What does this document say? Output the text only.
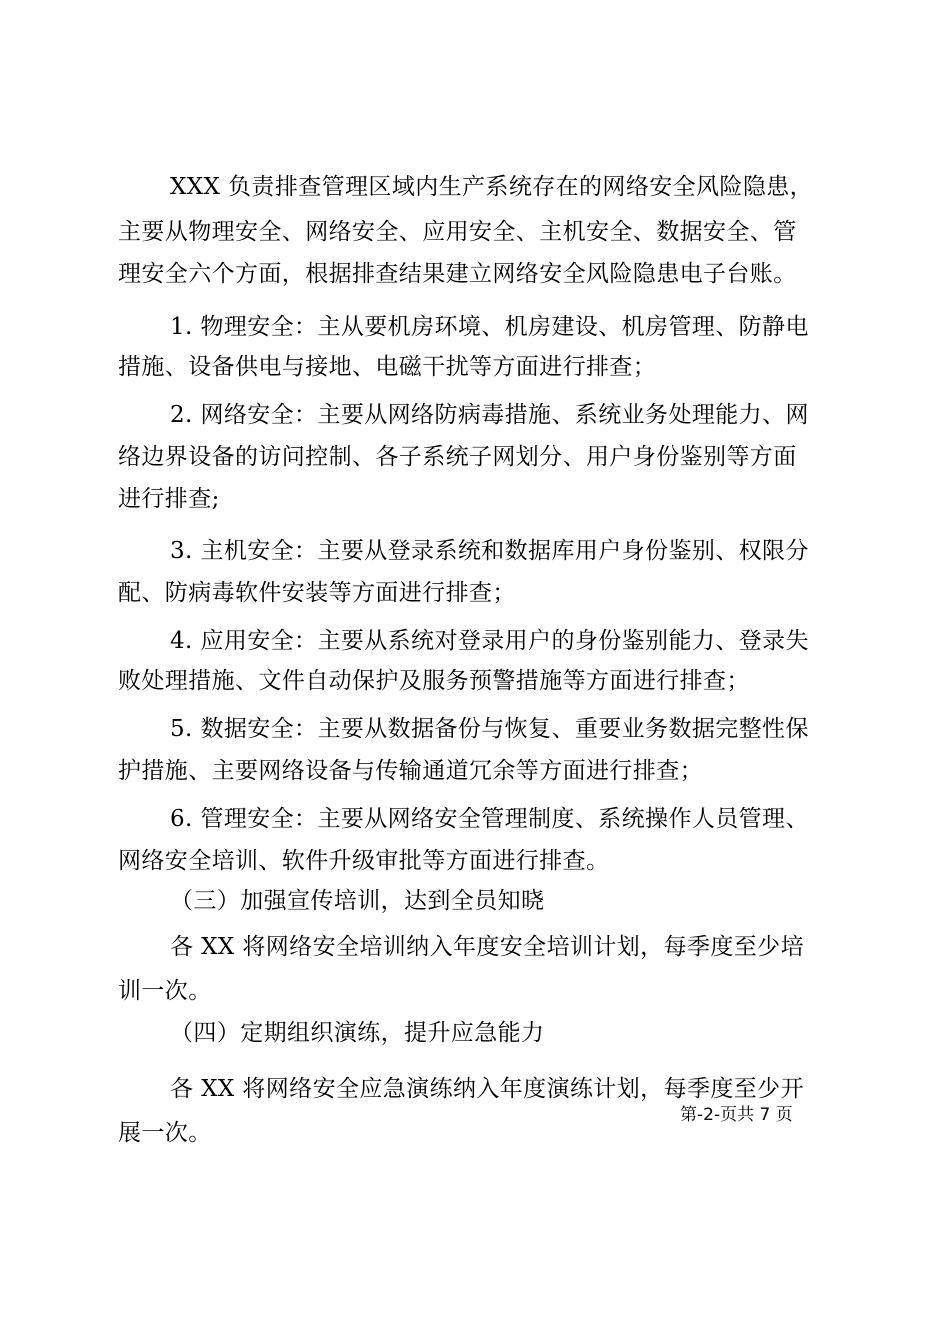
XXX 负责排查管理区域内生产系统存在的网络安全风险隐患，
主要从物理安全、网络安全、应用安全、主机安全、数据安全、管
理安全六个方面，根据排查结果建立网络安全风险隐患电子台账。
1. 物理安全：主从要机房环境、机房建设、机房管理、防静电
措施、设备供电与接地、电磁干扰等方面进行排查；
2. 网络安全：主要从网络防病毒措施、系统业务处理能力、网
络边界设备的访问控制、各子系统子网划分、用户身份鉴别等方面
进行排查;
3. 主机安全：主要从登录系统和数据库用户身份鉴别、权限分
配、防病毒软件安装等方面进行排查；
4. 应用安全：主要从系统对登录用户的身份鉴别能力、登录失
败处理措施、文件自动保护及服务预警措施等方面进行排查；
5. 数据安全：主要从数据备份与恢复、重要业务数据完整性保
护措施、主要网络设备与传输通道冗余等方面进行排查；
6. 管理安全：主要从网络安全管理制度、系统操作人员管理、
网络安全培训、软件升级审批等方面进行排查。
（三）加强宣传培训，达到全员知晓
各 XX 将网络安全培训纳入年度安全培训计划，每季度至少培
训一次。
（四）定期组织演练，提升应急能力
各 XX 将网络安全应急演练纳入年度演练计划，每季度至少开
展一次。
第-2-页共 7 页
